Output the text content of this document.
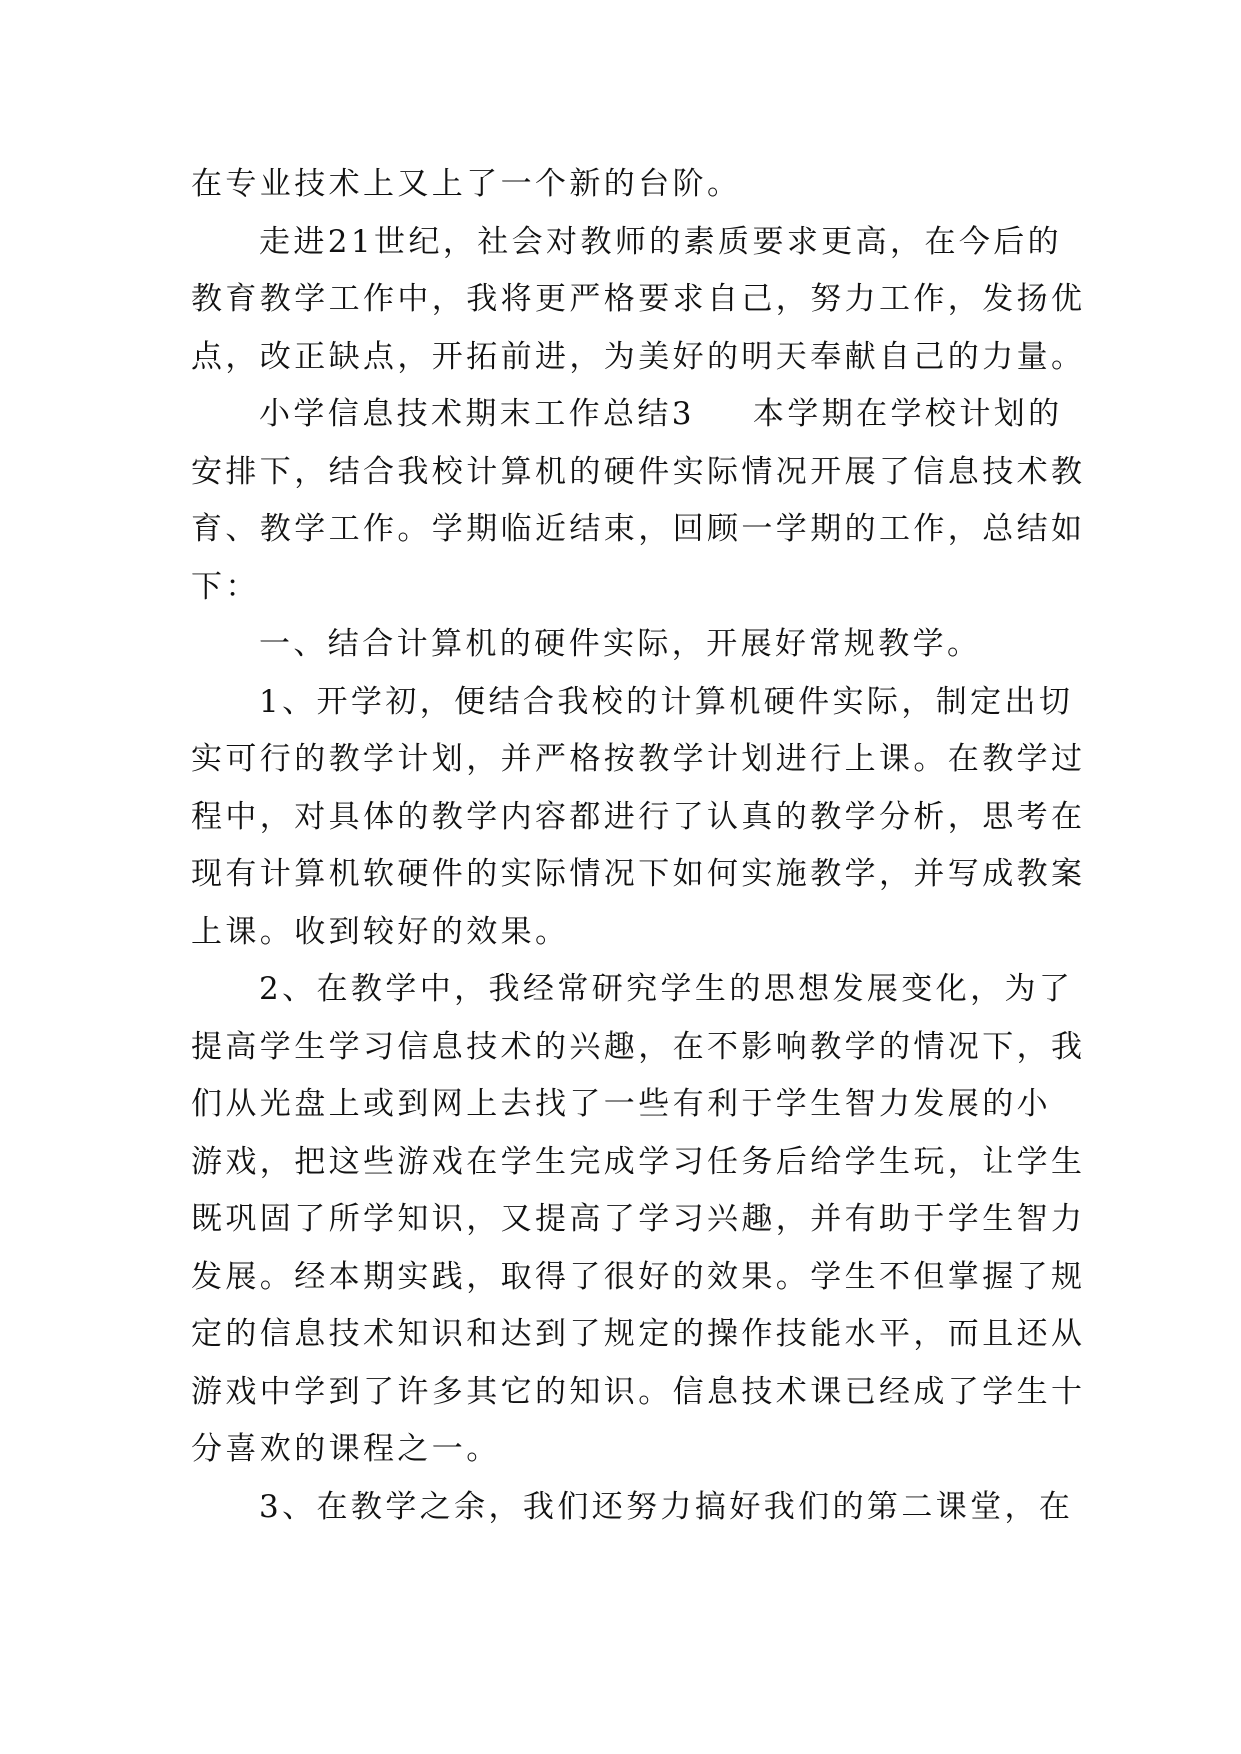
在专业技术上又上了一个新的台阶。

走进21世纪，社会对教师的素质要求更高，在今后的
教育教学工作中，我将更严格要求自己，努力工作，发扬优
点，改正缺点，开拓前进，为美好的明天奉献自己的力量。

小学信息技术期末工作总结3 本学期在学校计划的
安排下，结合我校计算机的硬件实际情况开展了信息技术教
育、教学工作。学期临近结束，回顾一学期的工作，总结如
下：

一、结合计算机的硬件实际，开展好常规教学。

1、开学初，便结合我校的计算机硬件实际，制定出切
实可行的教学计划，并严格按教学计划进行上课。在教学过
程中，对具体的教学内容都进行了认真的教学分析，思考在
现有计算机软硬件的实际情况下如何实施教学，并写成教案
上课。收到较好的效果。

2、在教学中，我经常研究学生的思想发展变化，为了
提高学生学习信息技术的兴趣，在不影响教学的情况下，我
们从光盘上或到网上去找了一些有利于学生智力发展的小
游戏，把这些游戏在学生完成学习任务后给学生玩，让学生
既巩固了所学知识，又提高了学习兴趣，并有助于学生智力
发展。经本期实践，取得了很好的效果。学生不但掌握了规
定的信息技术知识和达到了规定的操作技能水平，而且还从
游戏中学到了许多其它的知识。信息技术课已经成了学生十
分喜欢的课程之一。

3、在教学之余，我们还努力搞好我们的第二课堂，在
